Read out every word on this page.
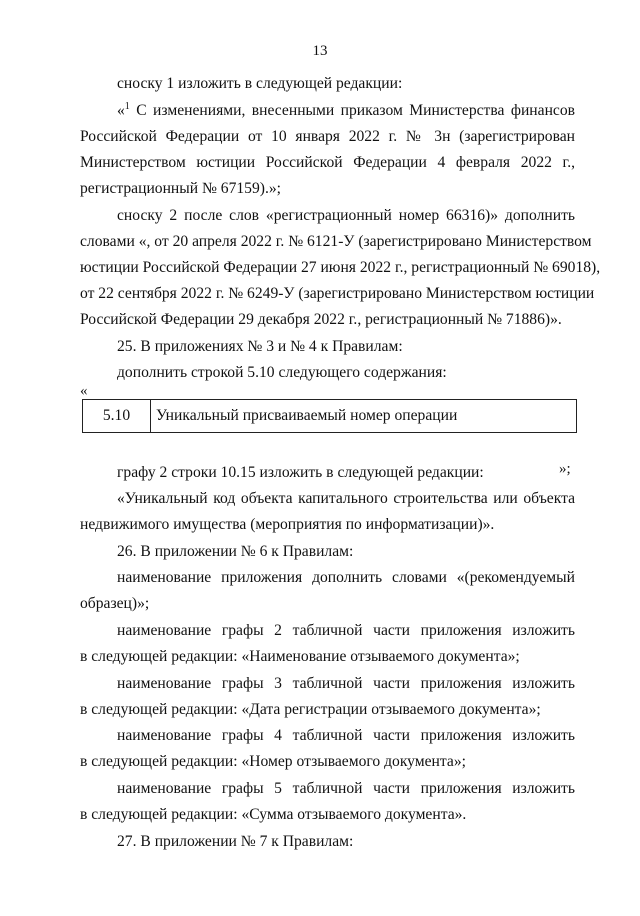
13
сноску 1 изложить в следующей редакции:
«$^1$ С изменениями, внесенными приказом Министерства финансов
Российской Федерации от 10 января 2022 г. № 3н (зарегистрирован
Министерством юстиции Российской Федерации 4 февраля 2022 г.,
регистрационный № 67159).»;
сноску 2 после слов «регистрационный номер 66316)» дополнить
словами «, от 20 апреля 2022 г. № 6121-У (зарегистрировано Министерством
юстиции Российской Федерации 27 июня 2022 г., регистрационный № 69018),
от 22 сентября 2022 г. № 6249-У (зарегистрировано Министерством юстиции
Российской Федерации 29 декабря 2022 г., регистрационный № 71886)».
25. В приложениях № 3 и № 4 к Правилам:
дополнить строкой 5.10 следующего содержания:
«
5.10	Уникальный присваиваемый номер операции
»;
графу 2 строки 10.15 изложить в следующей редакции:
«Уникальный код объекта капитального строительства или объекта
недвижимого имущества (мероприятия по информатизации)».
26. В приложении № 6 к Правилам:
наименование приложения дополнить словами «(рекомендуемый
образец)»;
наименование графы 2 табличной части приложения изложить
в следующей редакции: «Наименование отзываемого документа»;
наименование графы 3 табличной части приложения изложить
в следующей редакции: «Дата регистрации отзываемого документа»;
наименование графы 4 табличной части приложения изложить
в следующей редакции: «Номер отзываемого документа»;
наименование графы 5 табличной части приложения изложить
в следующей редакции: «Сумма отзываемого документа».
27. В приложении № 7 к Правилам:
